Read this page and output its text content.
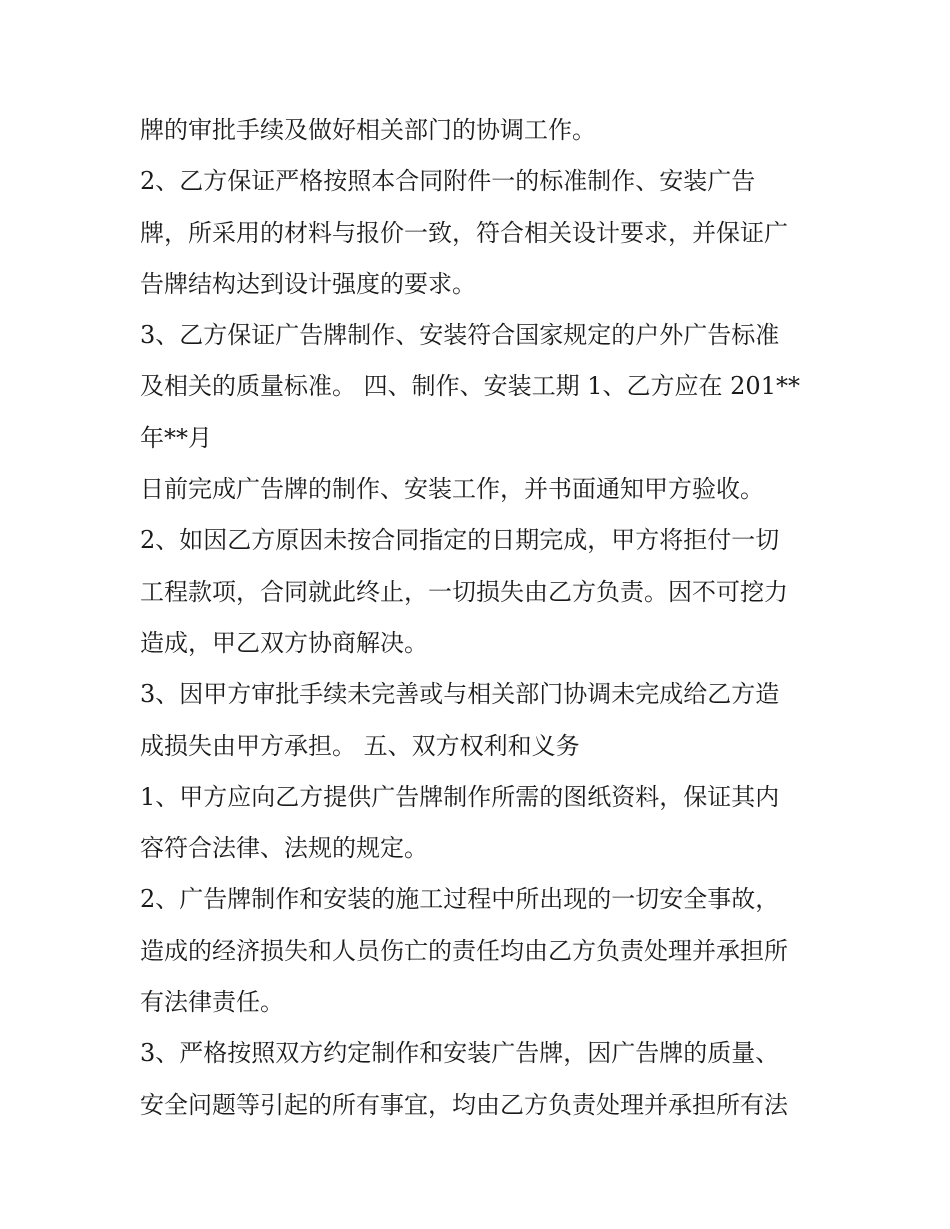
牌的审批手续及做好相关部门的协调工作。
2、乙方保证严格按照本合同附件一的标准制作、安装广告
牌，所采用的材料与报价一致，符合相关设计要求，并保证广
告牌结构达到设计强度的要求。
3、乙方保证广告牌制作、安装符合国家规定的户外广告标准
及相关的质量标准。 四、制作、安装工期 1、乙方应在 201**
年**月
日前完成广告牌的制作、安装工作，并书面通知甲方验收。
2、如因乙方原因未按合同指定的日期完成，甲方将拒付一切
工程款项，合同就此终止，一切损失由乙方负责。因不可挖力
造成，甲乙双方协商解决。
3、因甲方审批手续未完善或与相关部门协调未完成给乙方造
成损失由甲方承担。 五、双方权利和义务
1、甲方应向乙方提供广告牌制作所需的图纸资料，保证其内
容符合法律、法规的规定。
2、广告牌制作和安装的施工过程中所出现的一切安全事故，
造成的经济损失和人员伤亡的责任均由乙方负责处理并承担所
有法律责任。
3、严格按照双方约定制作和安装广告牌，因广告牌的质量、
安全问题等引起的所有事宜，均由乙方负责处理并承担所有法
